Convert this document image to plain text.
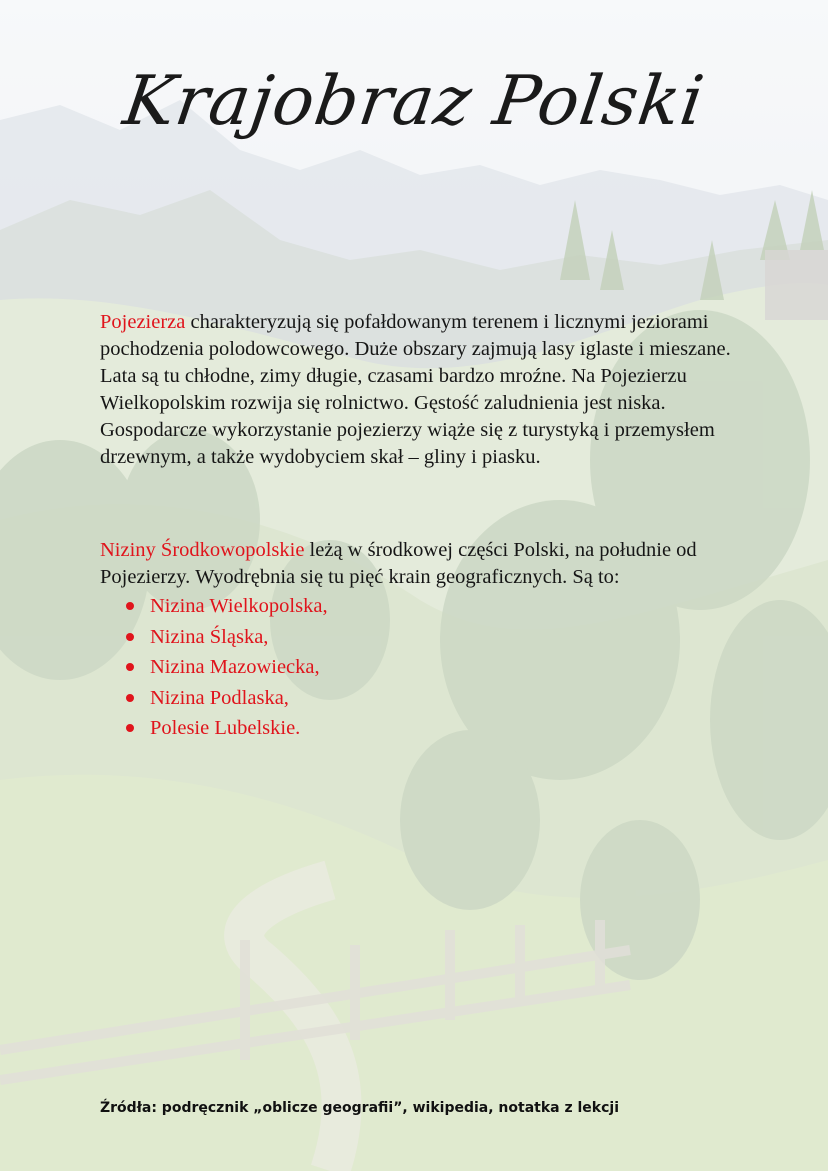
Krajobraz Polski

Pojezierza charakteryzują się pofałdowanym terenem i licznymi jeziorami pochodzenia polodowcowego. Duże obszary zajmują lasy iglaste i mieszane. Lata są tu chłodne, zimy długie, czasami bardzo mroźne. Na Pojezierzu Wielkopolskim rozwija się rolnictwo. Gęstość zaludnienia jest niska. Gospodarcze wykorzystanie pojezierzy wiąże się z turystyką i przemysłem drzewnym, a także wydobyciem skał – gliny i piasku.

Niziny Środkowopolskie leżą w środkowej części Polski, na południe od Pojezierzy. Wyodrębnia się tu pięć krain geograficznych. Są to:

Nizina Wielkopolska,
Nizina Śląska,
Nizina Mazowiecka,
Nizina Podlaska,
Polesie Lubelskie.
Źródła: podręcznik „oblicze geografii”, wikipedia, notatka z lekcji
